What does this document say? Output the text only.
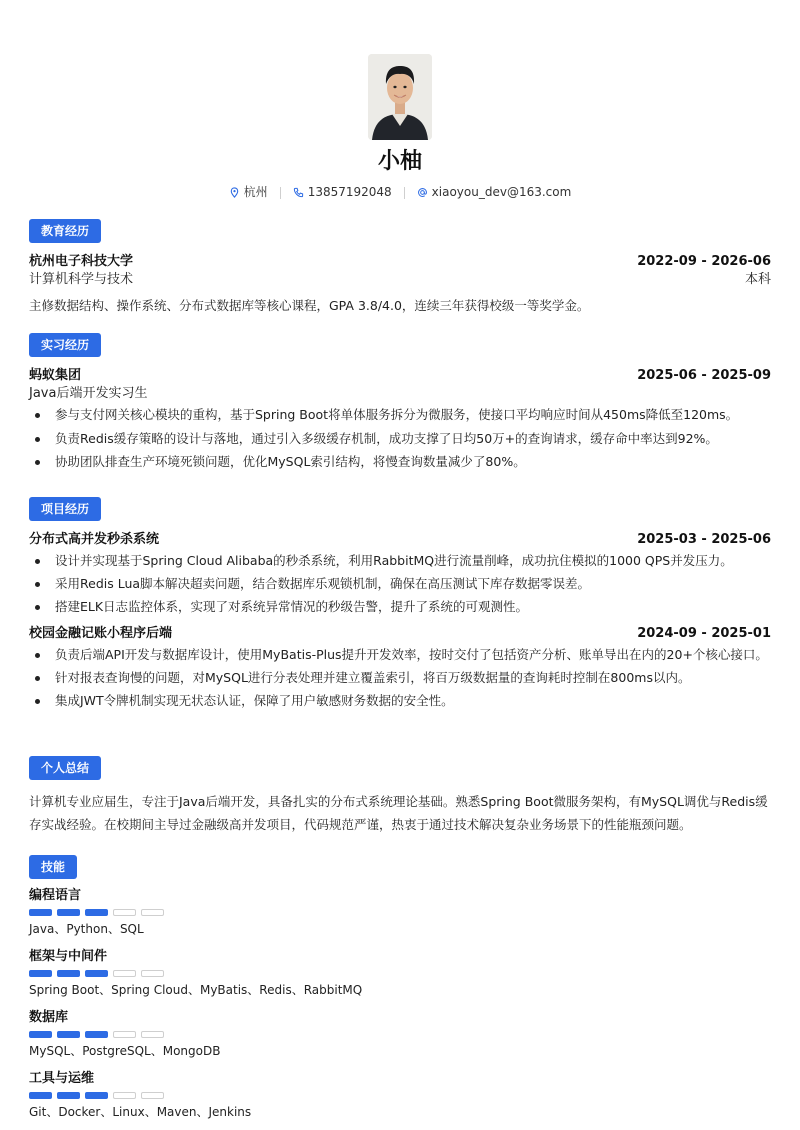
小柚
杭州	13857192048	xiaoyou_dev@163.com
教育经历
杭州电子科技大学	2022-09 - 2026-06
计算机科学与技术	本科
主修数据结构、操作系统、分布式数据库等核心课程，GPA 3.8/4.0，连续三年获得校级一等奖学金。
实习经历
蚂蚁集团	2025-06 - 2025-09
Java后端开发实习生
参与支付网关核心模块的重构，基于Spring Boot将单体服务拆分为微服务，使接口平均响应时间从450ms降低至120ms。
负责Redis缓存策略的设计与落地，通过引入多级缓存机制，成功支撑了日均50万+的查询请求，缓存命中率达到92%。
协助团队排查生产环境死锁问题，优化MySQL索引结构，将慢查询数量减少了80%。
项目经历
分布式高并发秒杀系统	2025-03 - 2025-06
设计并实现基于Spring Cloud Alibaba的秒杀系统，利用RabbitMQ进行流量削峰，成功抗住模拟的1000 QPS并发压力。
采用Redis Lua脚本解决超卖问题，结合数据库乐观锁机制，确保在高压测试下库存数据零误差。
搭建ELK日志监控体系，实现了对系统异常情况的秒级告警，提升了系统的可观测性。
校园金融记账小程序后端	2024-09 - 2025-01
负责后端API开发与数据库设计，使用MyBatis-Plus提升开发效率，按时交付了包括资产分析、账单导出在内的20+个核心接口。
针对报表查询慢的问题，对MySQL进行分表处理并建立覆盖索引，将百万级数据量的查询耗时控制在800ms以内。
集成JWT令牌机制实现无状态认证，保障了用户敏感财务数据的安全性。
个人总结
计算机专业应届生，专注于Java后端开发，具备扎实的分布式系统理论基础。熟悉Spring Boot微服务架构，有MySQL调优与Redis缓存实战经验。在校期间主导过金融级高并发项目，代码规范严谨，热衷于通过技术解决复杂业务场景下的性能瓶颈问题。
技能
编程语言
Java、Python、SQL
框架与中间件
Spring Boot、Spring Cloud、MyBatis、Redis、RabbitMQ
数据库
MySQL、PostgreSQL、MongoDB
工具与运维
Git、Docker、Linux、Maven、Jenkins
